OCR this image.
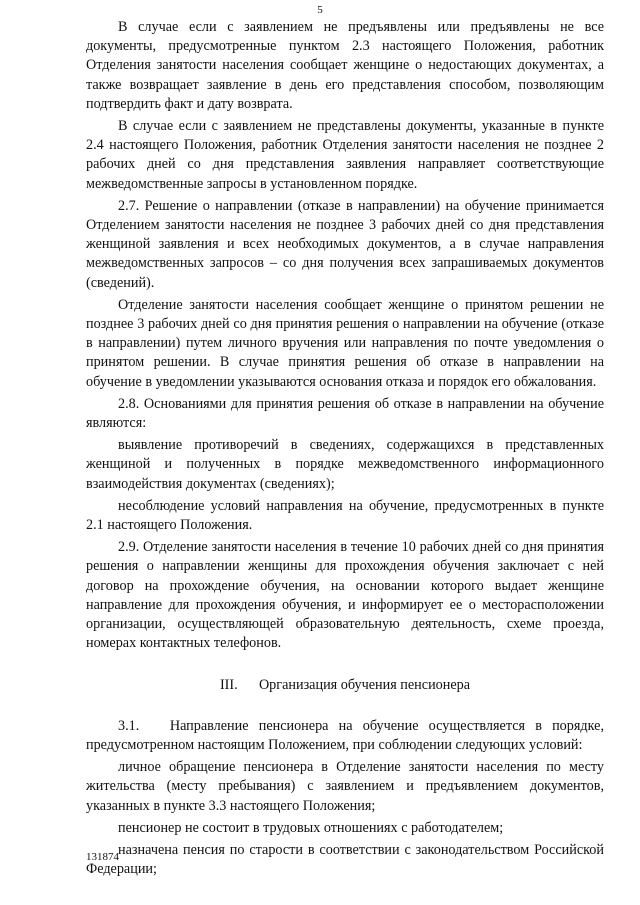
5

В случае если с заявлением не предъявлены или предъявлены не все документы, предусмотренные пунктом 2.3 настоящего Положения, работник Отделения занятости населения сообщает женщине о недостающих документах, а также возвращает заявление в день его представления способом, позволяющим подтвердить факт и дату возврата.

В случае если с заявлением не представлены документы, указанные в пункте 2.4 настоящего Положения, работник Отделения занятости населения не позднее 2 рабочих дней со дня представления заявления направляет соответствующие межведомственные запросы в установленном порядке.

2.7. Решение о направлении (отказе в направлении) на обучение принимается Отделением занятости населения не позднее 3 рабочих дней со дня представления женщиной заявления и всех необходимых документов, а в случае направления межведомственных запросов – со дня получения всех запрашиваемых документов (сведений).

Отделение занятости населения сообщает женщине о принятом решении не позднее 3 рабочих дней со дня принятия решения о направлении на обучение (отказе в направлении) путем личного вручения или направления по почте уведомления о принятом решении. В случае принятия решения об отказе в направлении на обучение в уведомлении указываются основания отказа и порядок его обжалования.

2.8. Основаниями для принятия решения об отказе в направлении на обучение являются:

выявление противоречий в сведениях, содержащихся в представленных женщиной и полученных в порядке межведомственного информационного взаимодействия документах (сведениях);

несоблюдение условий направления на обучение, предусмотренных в пункте 2.1 настоящего Положения.

2.9. Отделение занятости населения в течение 10 рабочих дней со дня принятия решения о направлении женщины для прохождения обучения заключает с ней договор на прохождение обучения, на основании которого выдает женщине направление для прохождения обучения, и информирует ее о месторасположении организации, осуществляющей образовательную деятельность, схеме проезда, номерах контактных телефонов.

III.      Организация обучения пенсионера

3.1.   Направление пенсионера на обучение осуществляется в порядке, предусмотренном настоящим Положением, при соблюдении следующих условий:

личное обращение пенсионера в Отделение занятости населения по месту жительства (месту пребывания) с заявлением и предъявлением документов, указанных в пункте 3.3 настоящего Положения;

пенсионер не состоит в трудовых отношениях с работодателем;

назначена пенсия по старости в соответствии с законодательством Российской Федерации;

131874
